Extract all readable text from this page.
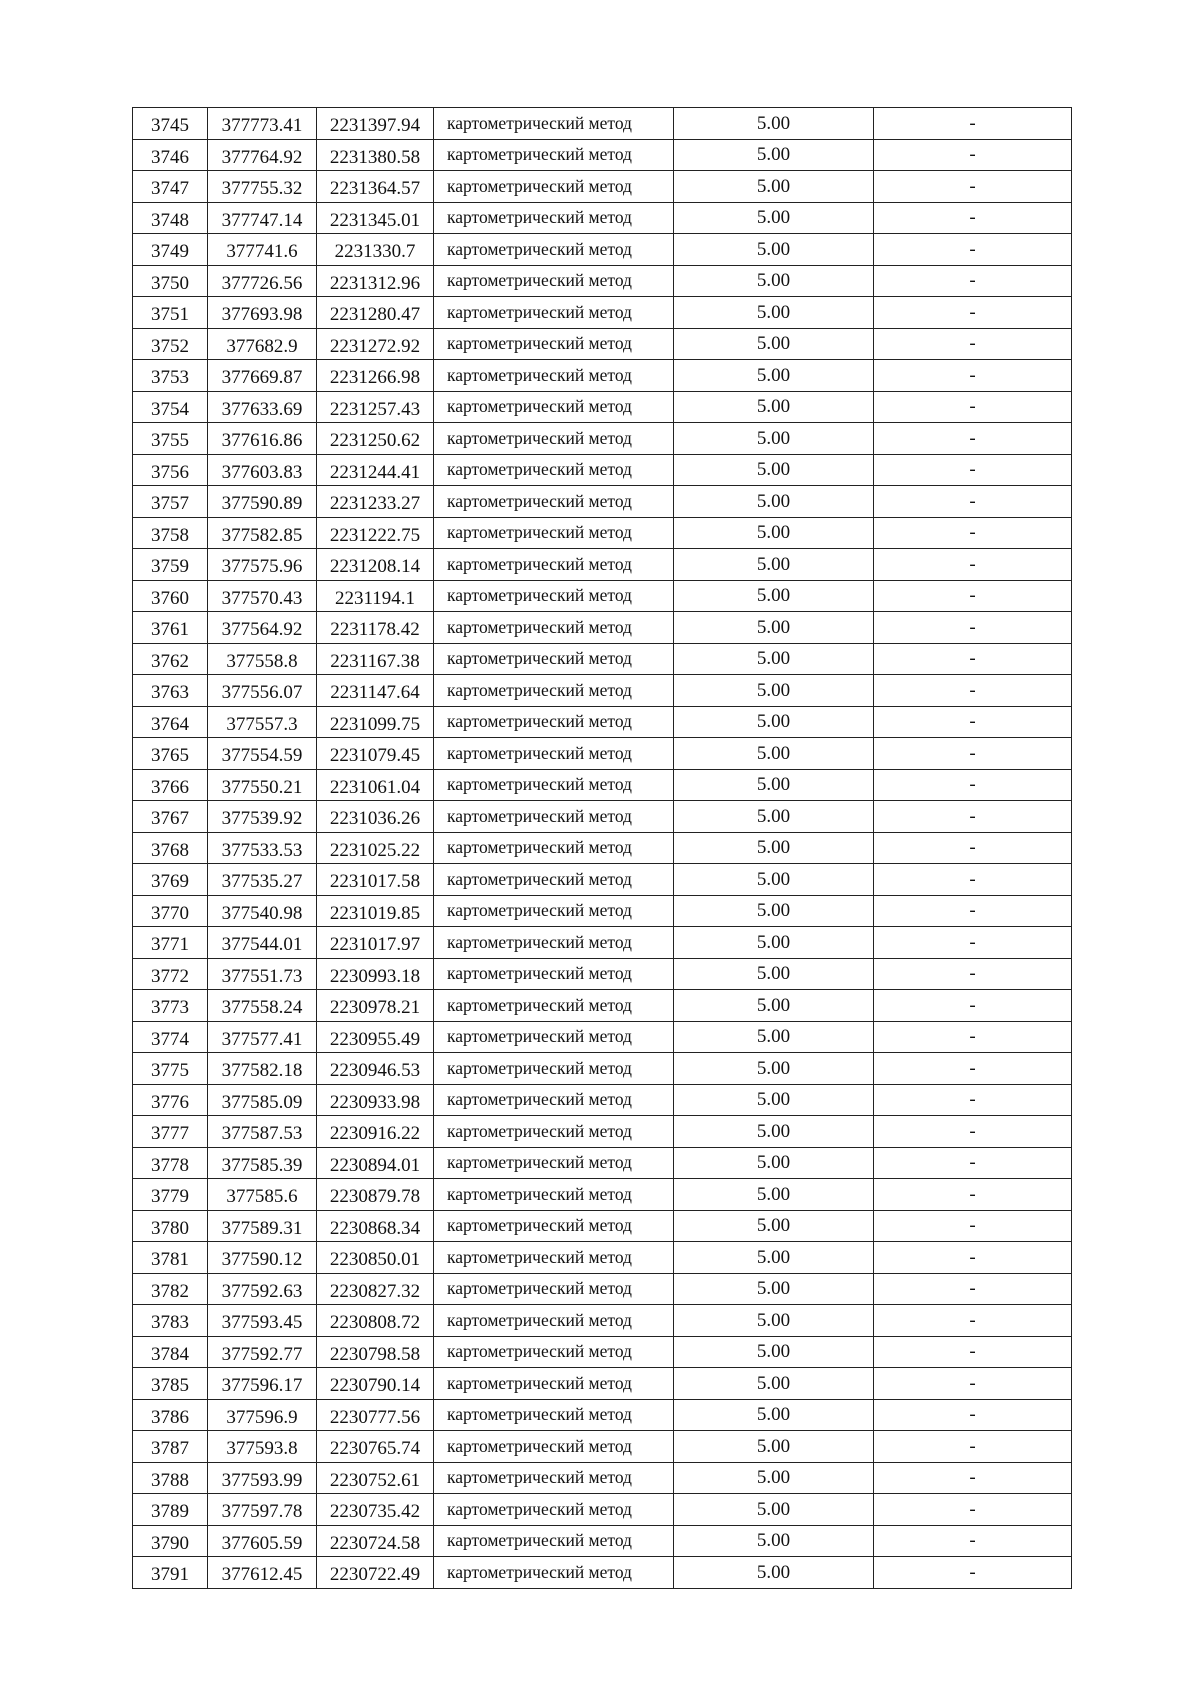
3745	377773.41	2231397.94	картометрический метод	5.00	-
3746	377764.92	2231380.58	картометрический метод	5.00	-
3747	377755.32	2231364.57	картометрический метод	5.00	-
3748	377747.14	2231345.01	картометрический метод	5.00	-
3749	377741.6	2231330.7	картометрический метод	5.00	-
3750	377726.56	2231312.96	картометрический метод	5.00	-
3751	377693.98	2231280.47	картометрический метод	5.00	-
3752	377682.9	2231272.92	картометрический метод	5.00	-
3753	377669.87	2231266.98	картометрический метод	5.00	-
3754	377633.69	2231257.43	картометрический метод	5.00	-
3755	377616.86	2231250.62	картометрический метод	5.00	-
3756	377603.83	2231244.41	картометрический метод	5.00	-
3757	377590.89	2231233.27	картометрический метод	5.00	-
3758	377582.85	2231222.75	картометрический метод	5.00	-
3759	377575.96	2231208.14	картометрический метод	5.00	-
3760	377570.43	2231194.1	картометрический метод	5.00	-
3761	377564.92	2231178.42	картометрический метод	5.00	-
3762	377558.8	2231167.38	картометрический метод	5.00	-
3763	377556.07	2231147.64	картометрический метод	5.00	-
3764	377557.3	2231099.75	картометрический метод	5.00	-
3765	377554.59	2231079.45	картометрический метод	5.00	-
3766	377550.21	2231061.04	картометрический метод	5.00	-
3767	377539.92	2231036.26	картометрический метод	5.00	-
3768	377533.53	2231025.22	картометрический метод	5.00	-
3769	377535.27	2231017.58	картометрический метод	5.00	-
3770	377540.98	2231019.85	картометрический метод	5.00	-
3771	377544.01	2231017.97	картометрический метод	5.00	-
3772	377551.73	2230993.18	картометрический метод	5.00	-
3773	377558.24	2230978.21	картометрический метод	5.00	-
3774	377577.41	2230955.49	картометрический метод	5.00	-
3775	377582.18	2230946.53	картометрический метод	5.00	-
3776	377585.09	2230933.98	картометрический метод	5.00	-
3777	377587.53	2230916.22	картометрический метод	5.00	-
3778	377585.39	2230894.01	картометрический метод	5.00	-
3779	377585.6	2230879.78	картометрический метод	5.00	-
3780	377589.31	2230868.34	картометрический метод	5.00	-
3781	377590.12	2230850.01	картометрический метод	5.00	-
3782	377592.63	2230827.32	картометрический метод	5.00	-
3783	377593.45	2230808.72	картометрический метод	5.00	-
3784	377592.77	2230798.58	картометрический метод	5.00	-
3785	377596.17	2230790.14	картометрический метод	5.00	-
3786	377596.9	2230777.56	картометрический метод	5.00	-
3787	377593.8	2230765.74	картометрический метод	5.00	-
3788	377593.99	2230752.61	картометрический метод	5.00	-
3789	377597.78	2230735.42	картометрический метод	5.00	-
3790	377605.59	2230724.58	картометрический метод	5.00	-
3791	377612.45	2230722.49	картометрический метод	5.00	-
